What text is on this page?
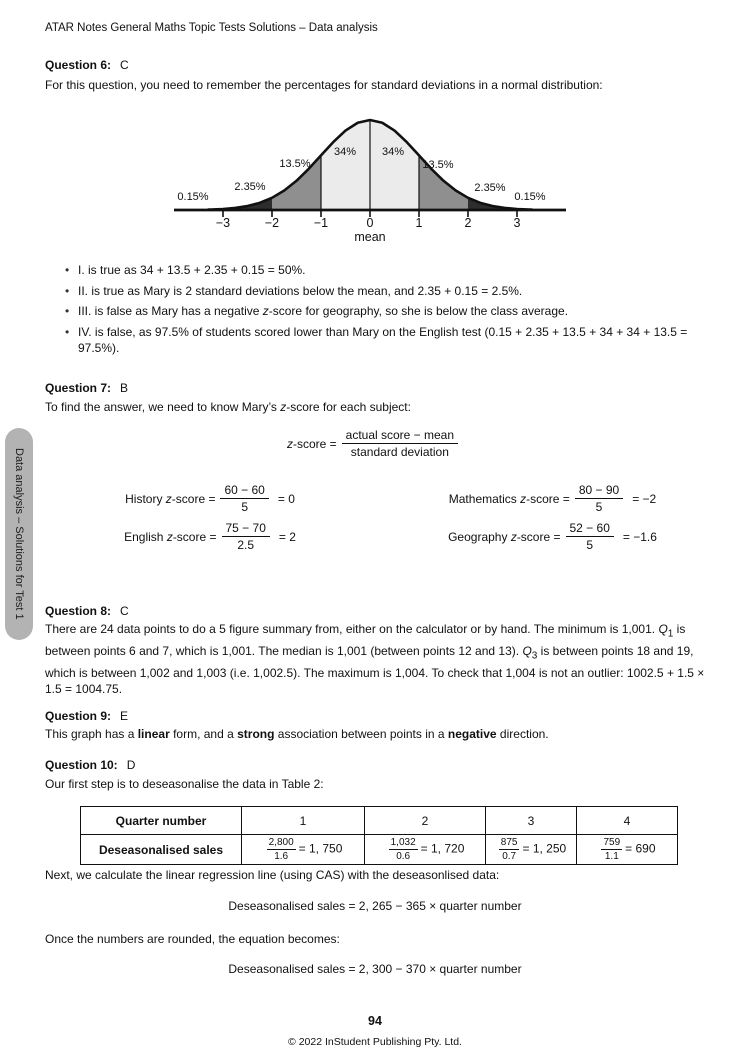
ATAR Notes General Maths Topic Tests Solutions – Data analysis
Question 6: C
For this question, you need to remember the percentages for standard deviations in a normal distribution:
0.15%
2.35%
13.5%
34% 34%
13.5%
2.35%
0.15%
−3	−2	−1	0	1	2	3
mean
• I. is true as 34 + 13.5 + 2.35 + 0.15 = 50%.
• II. is true as Mary is 2 standard deviations below the mean, and 2.35 + 0.15 = 2.5%.
• III. is false as Mary has a negative z-score for geography, so she is below the class average.
• IV. is false, as 97.5% of students scored lower than Mary on the English test (0.15 + 2.35 + 13.5 + 34 + 34 + 13.5 = 97.5%).
Question 7: B
To find the answer, we need to know Mary’s z-score for each subject:
z-score = $\frac{\text{actual score − mean}}{\text{standard deviation}}$
History z-score = $\frac{60 - 60}{5} = 0$
English z-score = $\frac{75 - 70}{2.5} = 2$
Mathematics z-score = $\frac{80 - 90}{5} = -2$
Geography z-score = $\frac{52 - 60}{5} = -1.6$
Question 8: C
There are 24 data points to do a 5 figure summary from, either on the calculator or by hand. The minimum is 1,001. $Q_1$ is between points 6 and 7, which is 1,001. The median is 1,001 (between points 12 and 13). $Q_3$ is between points 18 and 19, which is between 1,002 and 1,003 (i.e. 1,002.5). The maximum is 1,004. To check that 1,004 is not an outlier: 1002.5 + 1.5 × 1.5 = 1004.75.
Question 9: E
This graph has a linear form, and a strong association between points in a negative direction.
Question 10: D
Our first step is to deseasonalise the data in Table 2:
Quarter number	1	2	3	4
Deseasonalised sales	$\frac{2,800}{1.6} = 1$, 750	$\frac{1,032}{0.6} = 1$, 720	$\frac{875}{0.7} = 1$, 250	$\frac{759}{1.1} = 690$
Next, we calculate the linear regression line (using CAS) with the deseasonlised data:
Deseasonalised sales = 2, 265 − 365 × quarter number
Once the numbers are rounded, the equation becomes:
Deseasonalised sales = 2, 300 − 370 × quarter number
94
© 2022 InStudent Publishing Pty. Ltd.
Data analysis – Solutions for Test 1
